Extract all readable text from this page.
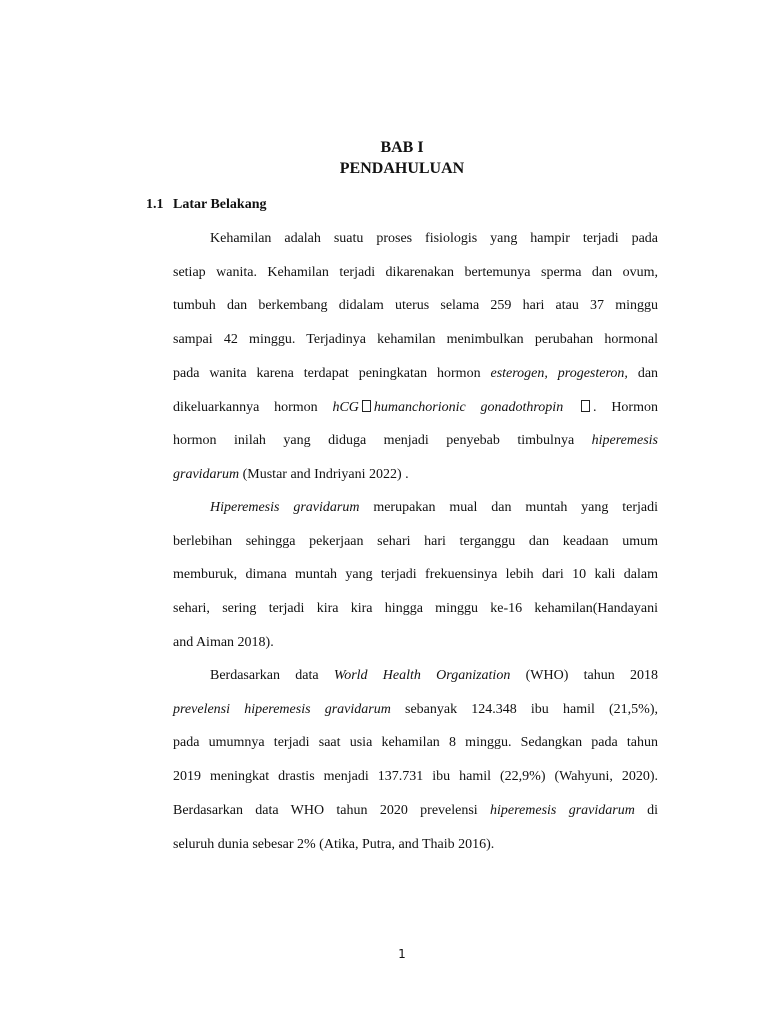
BAB I
PENDAHULUAN
1.1 Latar Belakang
Kehamilan adalah suatu proses fisiologis yang hampir terjadi pada
setiap wanita. Kehamilan terjadi dikarenakan bertemunya sperma dan ovum,
tumbuh dan berkembang didalam uterus selama 259 hari atau 37 minggu
sampai 42 minggu. Terjadinya kehamilan menimbulkan perubahan hormonal
pada wanita karena terdapat peningkatan hormon esterogen, progesteron, dan
dikeluarkannya hormon hCG humanchorionic gonadothropin . Hormon
hormon inilah yang diduga menjadi penyebab timbulnya hiperemesis
gravidarum (Mustar and Indriyani 2022) .
Hiperemesis gravidarum merupakan mual dan muntah yang terjadi
berlebihan sehingga pekerjaan sehari hari terganggu dan keadaan umum
memburuk, dimana muntah yang terjadi frekuensinya lebih dari 10 kali dalam
sehari, sering terjadi kira kira hingga minggu ke-16 kehamilan(Handayani
and Aiman 2018).
Berdasarkan data World Health Organization (WHO) tahun 2018
prevelensi hiperemesis gravidarum sebanyak 124.348 ibu hamil (21,5%),
pada umumnya terjadi saat usia kehamilan 8 minggu. Sedangkan pada tahun
2019 meningkat drastis menjadi 137.731 ibu hamil (22,9%) (Wahyuni, 2020).
Berdasarkan data WHO tahun 2020 prevelensi hiperemesis gravidarum di
seluruh dunia sebesar 2% (Atika, Putra, and Thaib 2016).
1
